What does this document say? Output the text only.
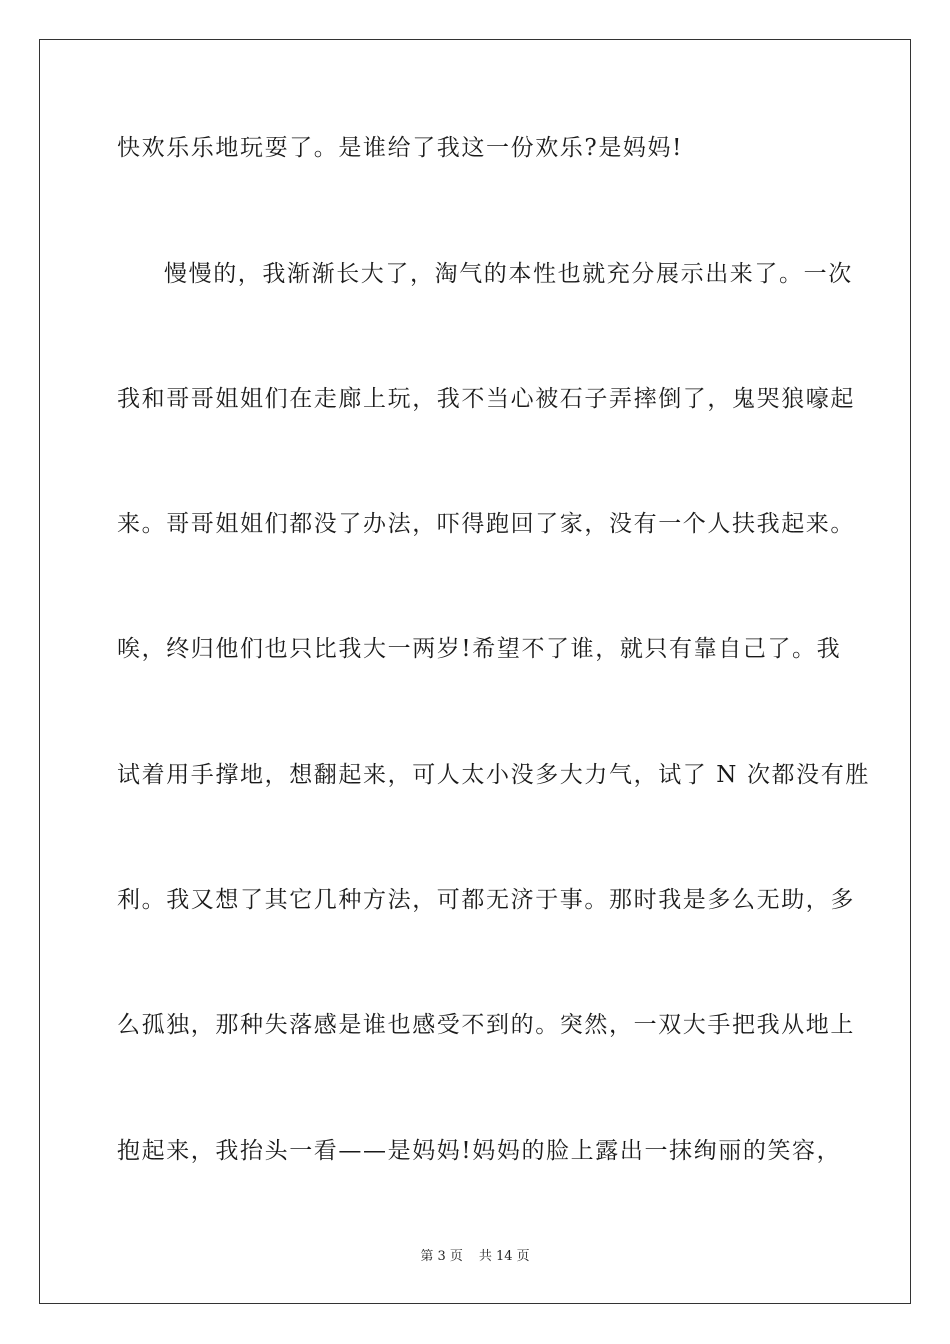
快欢乐乐地玩耍了。是谁给了我这一份欢乐?是妈妈!
慢慢的，我渐渐长大了，淘气的本性也就充分展示出来了。一次
我和哥哥姐姐们在走廊上玩，我不当心被石子弄摔倒了，鬼哭狼嚎起
来。哥哥姐姐们都没了办法，吓得跑回了家，没有一个人扶我起来。
唉，终归他们也只比我大一两岁!希望不了谁，就只有靠自己了。我
试着用手撑地，想翻起来，可人太小没多大力气，试了 N 次都没有胜
利。我又想了其它几种方法，可都无济于事。那时我是多么无助，多
么孤独，那种失落感是谁也感受不到的。突然，一双大手把我从地上
抱起来，我抬头一看——是妈妈!妈妈的脸上露出一抹绚丽的笑容，
第 3 页 共 14 页
